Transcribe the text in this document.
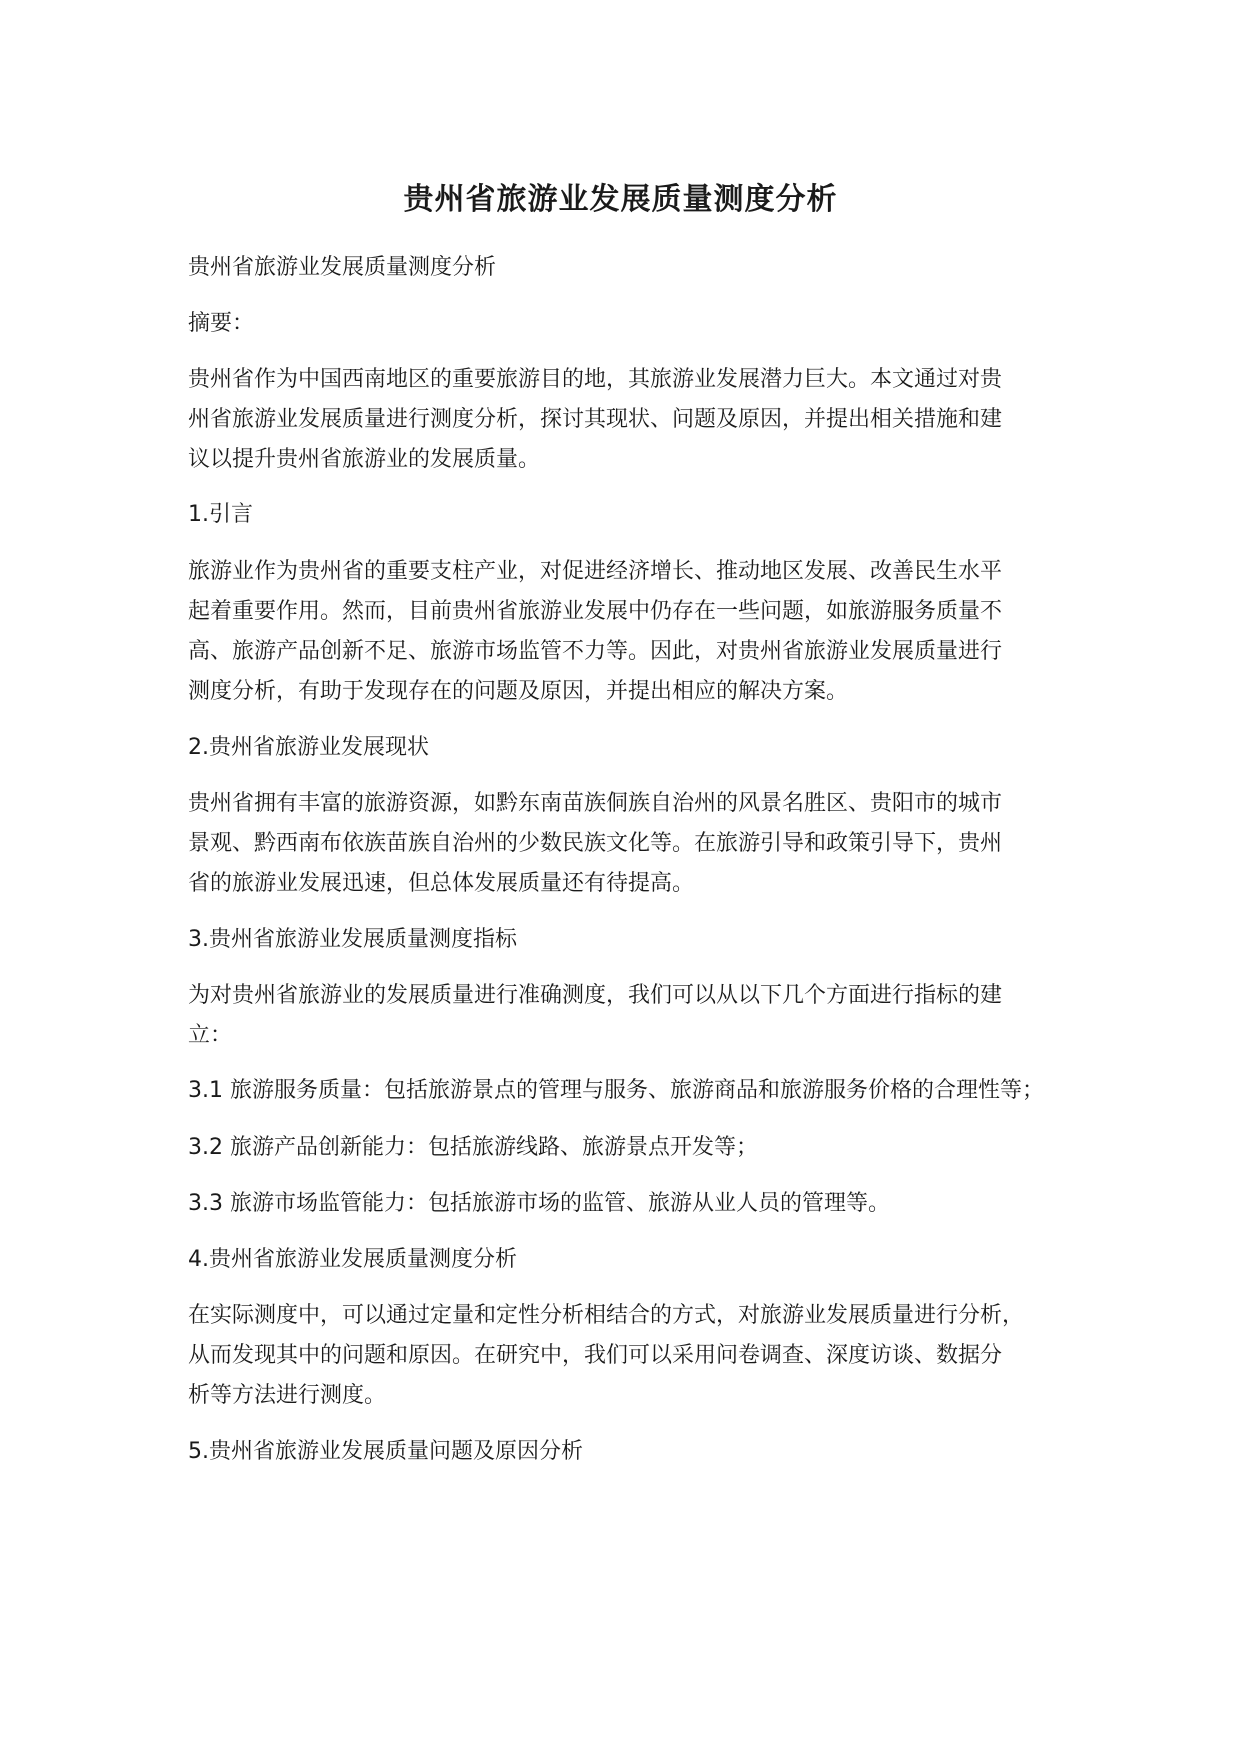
贵州省旅游业发展质量测度分析

贵州省旅游业发展质量测度分析

摘要：

贵州省作为中国西南地区的重要旅游目的地，其旅游业发展潜力巨大。本文通过对贵

州省旅游业发展质量进行测度分析，探讨其现状、问题及原因，并提出相关措施和建

议以提升贵州省旅游业的发展质量。

1.引言

旅游业作为贵州省的重要支柱产业，对促进经济增长、推动地区发展、改善民生水平

起着重要作用。然而，目前贵州省旅游业发展中仍存在一些问题，如旅游服务质量不

高、旅游产品创新不足、旅游市场监管不力等。因此，对贵州省旅游业发展质量进行

测度分析，有助于发现存在的问题及原因，并提出相应的解决方案。

2.贵州省旅游业发展现状

贵州省拥有丰富的旅游资源，如黔东南苗族侗族自治州的风景名胜区、贵阳市的城市

景观、黔西南布依族苗族自治州的少数民族文化等。在旅游引导和政策引导下，贵州

省的旅游业发展迅速，但总体发展质量还有待提高。

3.贵州省旅游业发展质量测度指标

为对贵州省旅游业的发展质量进行准确测度，我们可以从以下几个方面进行指标的建

立：

3.1 旅游服务质量：包括旅游景点的管理与服务、旅游商品和旅游服务价格的合理性等；

3.2 旅游产品创新能力：包括旅游线路、旅游景点开发等；

3.3 旅游市场监管能力：包括旅游市场的监管、旅游从业人员的管理等。

4.贵州省旅游业发展质量测度分析

在实际测度中，可以通过定量和定性分析相结合的方式，对旅游业发展质量进行分析，

从而发现其中的问题和原因。在研究中，我们可以采用问卷调查、深度访谈、数据分

析等方法进行测度。

5.贵州省旅游业发展质量问题及原因分析
